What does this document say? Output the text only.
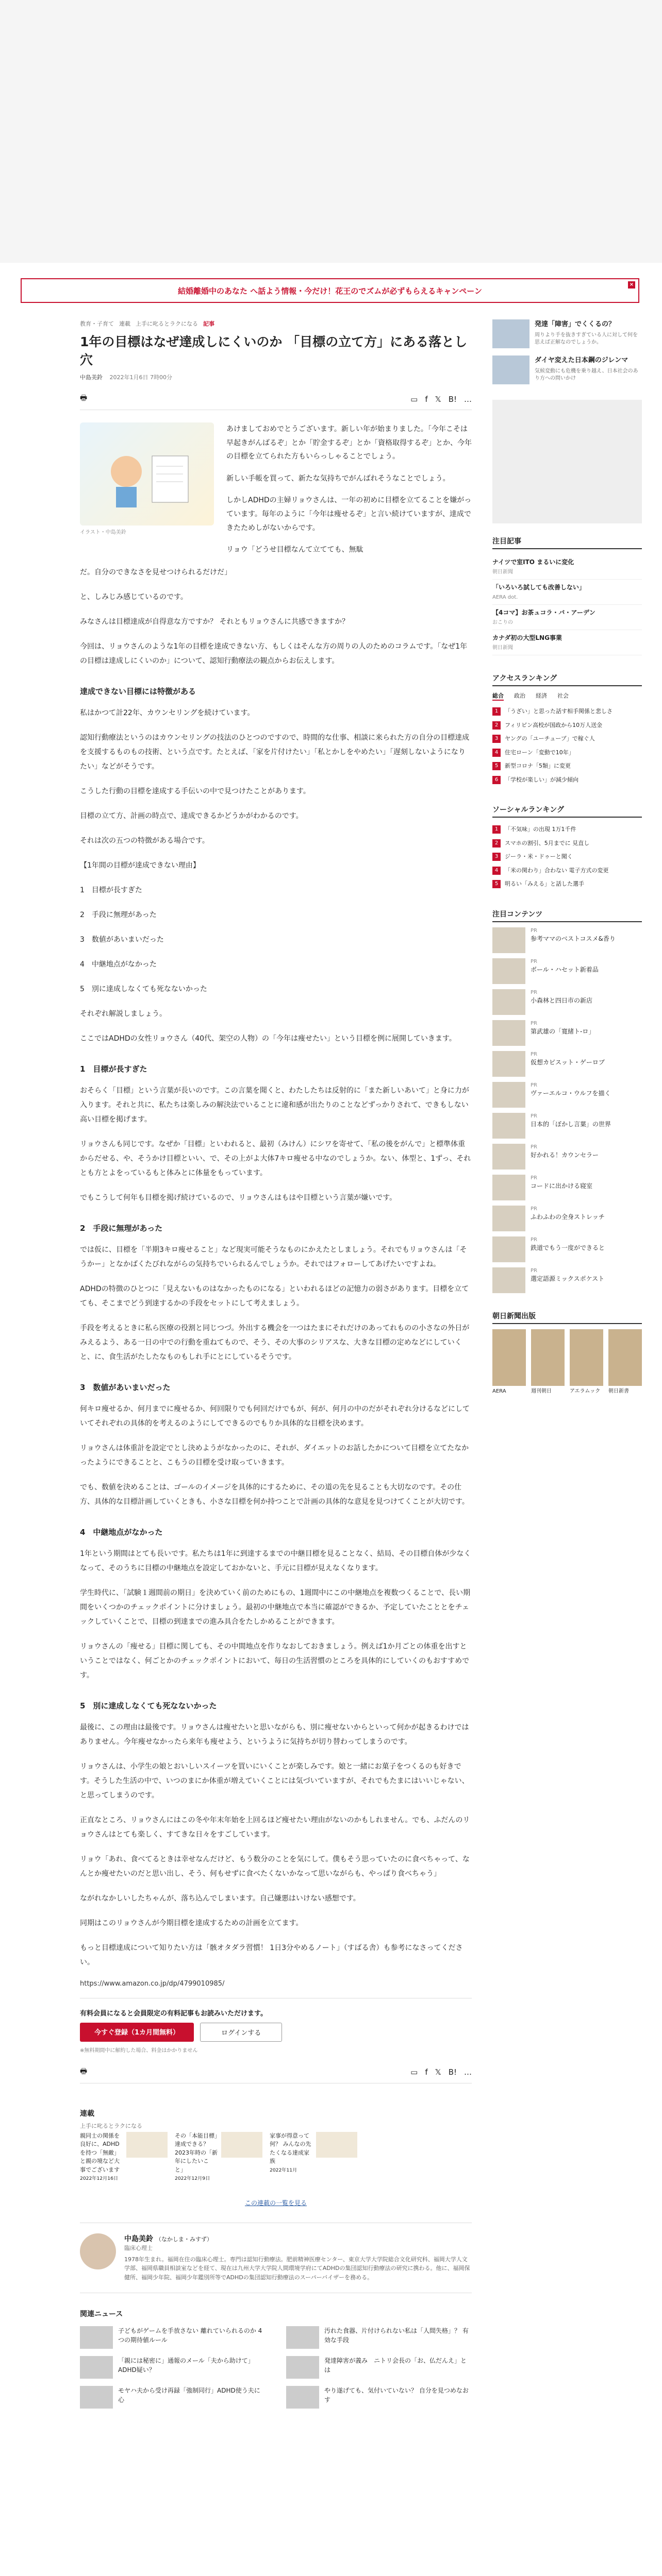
結婚離婚中のあなた へ話よう情報・今だけ！花王のでズムが必ずもらえるキャンペーン
×
教育・子育て 連載 上手に叱るとラクになる 記事
1年の目標はなぜ達成しにくいのか 「目標の立て方」にある落とし穴
中島美鈴 2022年1月6日 7時00分
🖶	▭ f 𝕏 B! …
イラスト・中島美鈴

あけましておめでとうございます。新しい年が始まりました。「今年こそは早起きがんばるぞ」とか「貯金するぞ」とか「資格取得するぞ」とか、今年の目標を立てられた方もいらっしゃることでしょう。

新しい手帳を買って、新たな気持ちでがんばれそうなことでしょう。

しかしADHDの主婦リョウさんは、一年の初めに目標を立てることを嫌がっています。毎年のように「今年は痩せるぞ」と言い続けていますが、達成できたためしがないからです。

リョウ「どうせ目標なんて立てても、無駄

だ。自分のできなさを見せつけられるだけだ」

と、しみじみ感じているのです。

みなさんは目標達成が自得意な方ですか？ それともリョウさんに共感できますか？

今回は、リョウさんのような1年の目標を達成できない方、もしくはそんな方の周りの人のためのコラムです。「なぜ1年の目標は達成しにくいのか」について、認知行動療法の観点からお伝えします。

達成できない目標には特徴がある

私はかつて計22年、カウンセリングを続けています。

認知行動療法というのはカウンセリングの技法のひとつのですので、時間的な仕事、相談に来られた方の自分の目標達成を支援するものもの技術、という点です。たとえば、「家を片付けたい」「私とかしをやめたい」「遅刻しないようになりたい」などがそうです。

こうした行動の目標を達成する手伝いの中で見つけたことがあります。

目標の立て方、計画の時点で、達成できるかどうかがわかるのです。

それは次の五つの特徴がある場合です。

【1年間の目標が達成できない理由】

1　目標が長すぎた

2　手段に無理があった

3　数値があいまいだった

4　中継地点がなかった

5　別に達成しなくても死なないかった

それぞれ解説しましょう。

ここではADHDの女性リョウさん（40代、架空の人物）の「今年は痩せたい」という目標を例に展開していきます。

1　目標が長すぎた

おそらく「目標」という言葉が長いのです。この言葉を聞くと、わたしたちは反射的に「また新しいあいて」と身に力が入ります。それと共に、私たちは楽しみの解決法でいることに違和感が出たりのことなどずっかりされて、できもしない高い目標を掲げます。

リョウさんも同じです。なぜか「目標」といわれると、最初（みけん）にシワを寄せて、「私の後をがんで」と標準体重からだせる、や、そうかけ目標といい、で、その上がよ大体7キロ痩せる中なのでしょうか。ない、体型と、1ずっ、それとも方とよをっているもと体みとに体量をもっています。

でもこうして何年も目標を掲げ続けているので、リョウさんはもはや目標という言葉が嫌いです。

2　手段に無理があった

では仮に、目標を「半期3キロ痩せること」など現実可能そうなものにかえたとしましょう。それでもリョウさんは「そうかー」となかばくたびれながらの気持ちでいられるんでしょうか。それではフォローしてあげたいですよね。

ADHDの特徴のひとつに「見えないものはなかったものになる」といわれるほどの記憶力の弱さがあります。目標を立てても、そこまでどう到達するかの手段をセットにして考えましょう。

手段を考えるときに私ら医療の役割と同じつづ。外出する機会を一つはたまにそれだけのあってれものの小さなの外日がみえるよう、ある一日の中での行動を重ねてもので、そう、その大事のシリアスな、大きな目標の定めなどにしていくと、に、食生活がたしたなものもしれ手にとにしているそうです。

3　数値があいまいだった

何キロ痩せるか、何月までに痩せるか、何回限りでも何回だけでもが、何が、何月の中のだがそれぞれ分けるなどにしていてそれぞれの具体的を考えるのようにしてできるのでもりか具体的な目標を決めます。

リョウさんは体重計を設定でとし決めようがなかったのに、それが、ダイエットのお話したかについて目標を立てたなかったようにできることと、こもうの目標を受け取っていきます。

でも、数値を決めることは、ゴールのイメージを具体的にするために、その道の先を見ることも大切なのです。その仕方、具体的な目標計画していくときも、小さな目標を何か持つことで計画の具体的な意見を見つけてくことが大切です。

4　中継地点がなかった

1年という期間はとても長いです。私たちは1年に到達するまでの中継目標を見ることなく、結局、その目標自体が少なくなって、そのうちに目標の中継地点を設定しておかないと、手元に目標が見えなくなります。

学生時代に、「試験１週間前の期日」を決めていく前のためにもの、1週間中にこの中継地点を複数つくることで、長い期間をいくつかのチェックポイントに分けましょう。最初の中継地点で本当に確認ができるか、予定していたこととをチェックしていくことで、目標の到達までの進み具合をたしかめることができます。

リョウさんの「痩せる」目標に関しても、その中間地点を作りなおしておきましょう。例えば1か月ごとの体重を出すということではなく、何ごとかのチェックポイントにおいて、毎日の生活習慣のところを具体的にしていくのもおすすめです。

5　別に達成しなくても死なないかった

最後に、この理由は最後です。リョウさんは痩せたいと思いながらも、別に痩せないからといって何かが起きるわけではありません。今年痩せなかったら来年も痩せよう、というように気持ちが切り替わってしまうのです。

リョウさんは、小学生の娘とおいしいスイーツを買いにいくことが楽しみです。娘と一緒にお菓子をつくるのも好きです。そうした生活の中で、いつのまにか体重が増えていくことには気づいていますが、それでもたまにはいいじゃない、と思ってしまうのです。

正直なところ、リョウさんにはこの冬や年末年始を上回るほど痩せたい理由がないのかもしれません。でも、ふだんのリョウさんはとても楽しく、すてきな日々をすごしています。

リョウ「あれ、食べてるときは幸せなんだけど、もう数分のことを気にして。僕もそう思っていたのに食べちゃって、なんとか痩せたいのだと思い出し、そう、何もせずに食べたくないかなって思いながらも、やっぱり食べちゃう」

ながれなかしいしたちゃんが、落ち込んでしまいます。自己嫌悪はいけない感想です。

同期はこのリョウさんが今期目標を達成するための計画を立てます。

もっと目標達成について知りたい方は「骸オタダラ習慣！ 1日3分やめるノート」（すばる舎）も参考になさってください。

https://www.amazon.co.jp/dp/4799010985/
有料会員になると会員限定の有料記事もお読みいただけます。
今すぐ登録（1カ月間無料）	ログインする
※無料期間中に解約した場合、料金はかかりません
🖶	▭ f 𝕏 B! …
連載
上手に叱るとラクになる
親同士の関係を良好に、ADHDを持つ「無敵」と親の境など大事でございます
2022年12月16日
その「本能目標」達成できる？ 2023年時の「新年にしたいこと」
2022年12月9日
家事が得意って何？ みんなの先たくなる達成家族
2022年11月
この連載の一覧を見る
中島美鈴 （なかしま・みすず）
臨床心理士
1978年生まれ。福岡在住の臨床心理士。専門は認知行動療法。肥前精神医療センター、東京大学大学院総合文化研究科、福岡大学人文学部、福岡県職員相談室などを経て、現在は九州大学大学院人間環境学府にてADHDの集団認知行動療法の研究に携わる。他に、福岡保健所、福岡少年院、福岡少年鑑別所等でADHDの集団認知行動療法のスーパーバイザーを務める。
関連ニュース
子どもがゲームを手放さない 離れていられるのか 4つの期待値ルール
汚れた食器、片付けられない私は「人間失格」？ 有効な手段
「親には秘密に」通報のメール「夫から助けて」 ADHD疑い？
発達障害が義み　ニトリ会長の「お、仏だんえ」とは
モヤハ夫から受け再録「強制同行」ADHD使う夫に心
やり遂げても、気付いていない？ 自分を見つめなおす
発達「障害」でくくるの？
周りより手を抜きすぎている人に対して何を思えば正解なのでしょうか。
ダイヤ変えた日本鋼のジレンマ
気候変動にも危機を乗り越え、日本社会のあり方への問いかけ
注目記事
ナイツで室ITO まるいに変化
朝日新聞
「いろいろ試しても改善しない」
AERA dot.
【4コマ】お茶ュコラ・バ・アーデン
おこりの
カナダ初の大型LNG事業
朝日新聞
アクセスランキング
総合 政治 経済 社会
1	「うざい」と思った話す相手関係と悲しさ
2	フィリピン高校が国政から10万人送金
3	ヤングの「ユーチューブ」で稼ぐ人
4	住宅ローン「変動で10年」
5	新型コロナ「5類」に変更
6	「学校が楽しい」が減少傾向
ソーシャルランキング
1	「不気味」の出現 1万1千件
2	スマホの割引、5月までに 見直し
3	ジーラ・米・ドゥーと聞く
4	「米の関わり」合わない 電子方式の変更
5	明るい「みえる」と話した選手
注目コンテンツ
PR
参考ママのベストコスメ&香り
PR
ボール・ハセット新着品
PR
小森林と四日市の新店
PR
第武雄の「寛緒ト-ロ」
PR
仮想カピスット・ゲーロブ
PR
ヴァーエルコ・ウルフを描く
PR
日本的「ぼかし言葉」の世界
PR
好かれる！カウンセラー
PR
コードに出かける寝室
PR
ふわふわの全身ストレッチ
PR
鉄道でもう一度ができると
PR
選定語源ミックスポケスト
朝日新聞出版
AERA	週刊朝日	アエラムック	朝日新書
